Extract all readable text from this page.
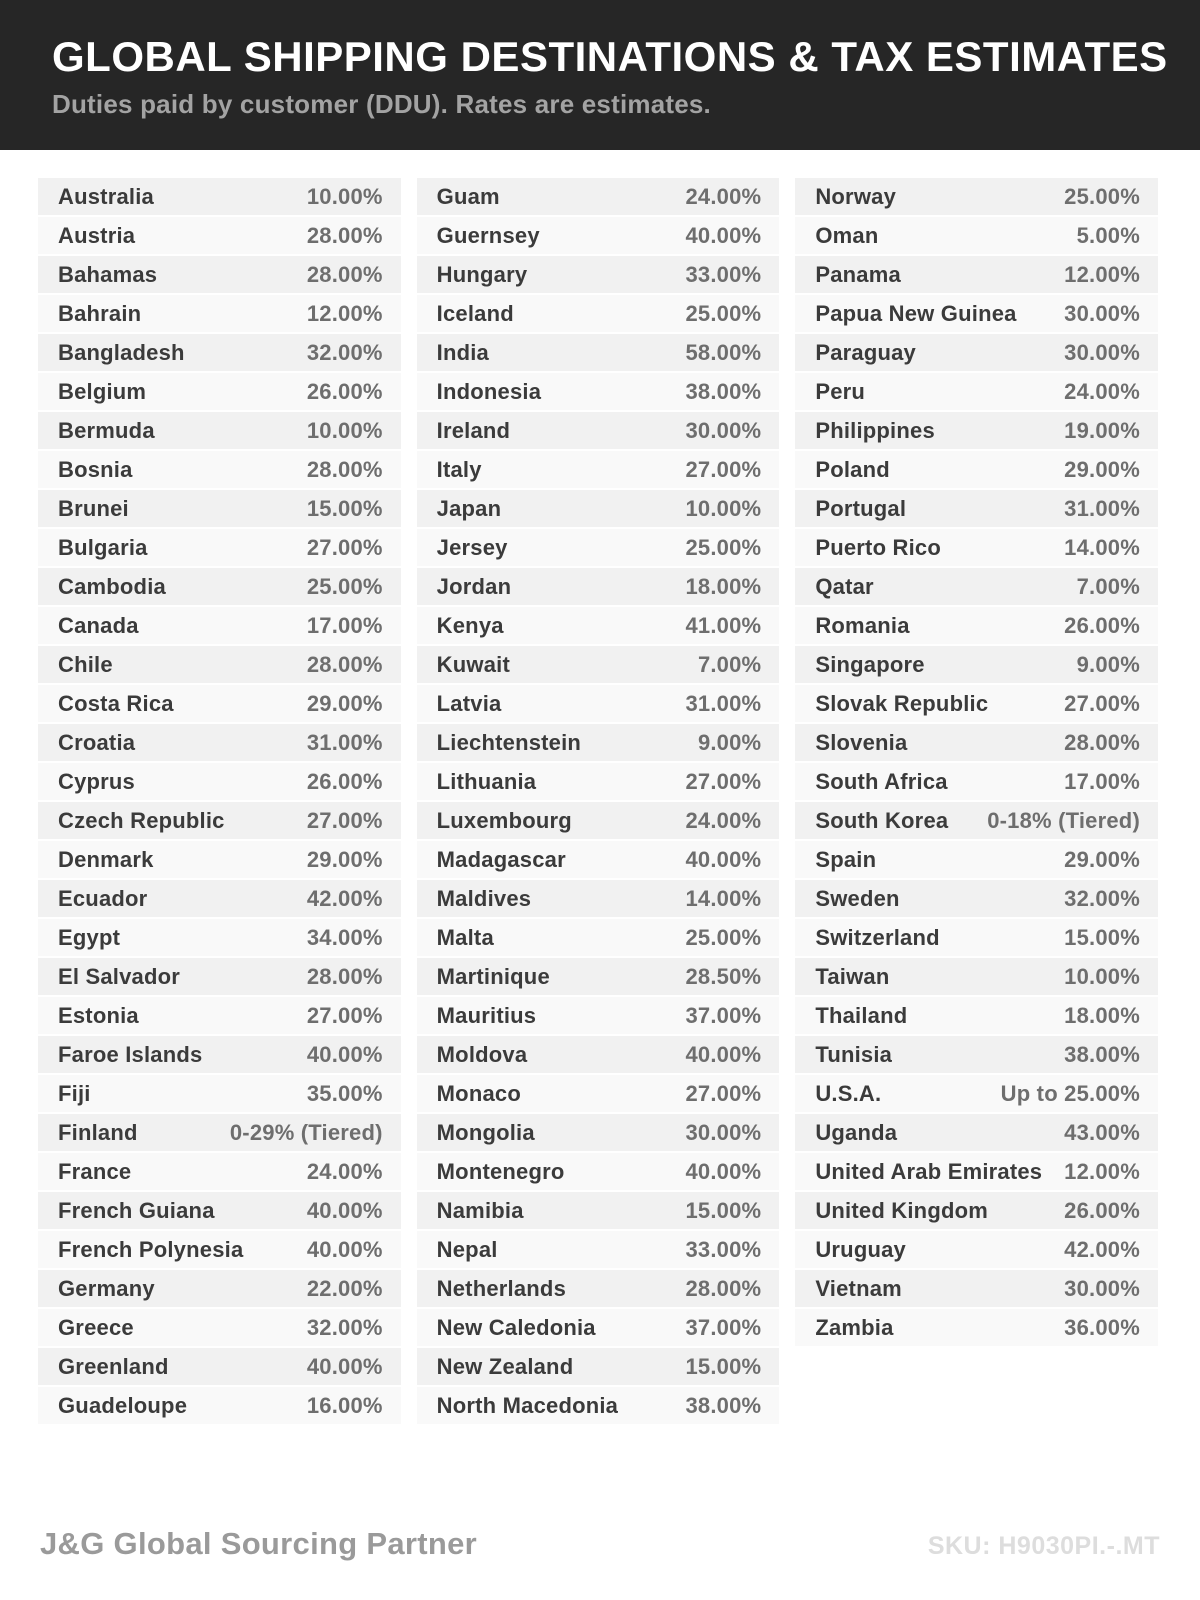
GLOBAL SHIPPING DESTINATIONS & TAX ESTIMATES

Duties paid by customer (DDU). Rates are estimates.

Australia	10.00%
Austria	28.00%
Bahamas	28.00%
Bahrain	12.00%
Bangladesh	32.00%
Belgium	26.00%
Bermuda	10.00%
Bosnia	28.00%
Brunei	15.00%
Bulgaria	27.00%
Cambodia	25.00%
Canada	17.00%
Chile	28.00%
Costa Rica	29.00%
Croatia	31.00%
Cyprus	26.00%
Czech Republic	27.00%
Denmark	29.00%
Ecuador	42.00%
Egypt	34.00%
El Salvador	28.00%
Estonia	27.00%
Faroe Islands	40.00%
Fiji	35.00%
Finland	0-29% (Tiered)
France	24.00%
French Guiana	40.00%
French Polynesia	40.00%
Germany	22.00%
Greece	32.00%
Greenland	40.00%
Guadeloupe	16.00%
Guam	24.00%
Guernsey	40.00%
Hungary	33.00%
Iceland	25.00%
India	58.00%
Indonesia	38.00%
Ireland	30.00%
Italy	27.00%
Japan	10.00%
Jersey	25.00%
Jordan	18.00%
Kenya	41.00%
Kuwait	7.00%
Latvia	31.00%
Liechtenstein	9.00%
Lithuania	27.00%
Luxembourg	24.00%
Madagascar	40.00%
Maldives	14.00%
Malta	25.00%
Martinique	28.50%
Mauritius	37.00%
Moldova	40.00%
Monaco	27.00%
Mongolia	30.00%
Montenegro	40.00%
Namibia	15.00%
Nepal	33.00%
Netherlands	28.00%
New Caledonia	37.00%
New Zealand	15.00%
North Macedonia	38.00%
Norway	25.00%
Oman	5.00%
Panama	12.00%
Papua New Guinea 30.00%
Paraguay	30.00%
Peru	24.00%
Philippines	19.00%
Poland	29.00%
Portugal	31.00%
Puerto Rico	14.00%
Qatar	7.00%
Romania	26.00%
Singapore	9.00%
Slovak Republic	27.00%
Slovenia	28.00%
South Africa	17.00%
South Korea 0-18% (Tiered)
Spain	29.00%
Sweden	32.00%
Switzerland	15.00%
Taiwan	10.00%
Thailand	18.00%
Tunisia	38.00%
U.S.A.	Up to 25.00%
Uganda	43.00%
United Arab Emirates 12.00%
United Kingdom	26.00%
Uruguay	42.00%
Vietnam	30.00%
Zambia	36.00%
J&G Global Sourcing Partner	SKU: H9030PI.-.MT
